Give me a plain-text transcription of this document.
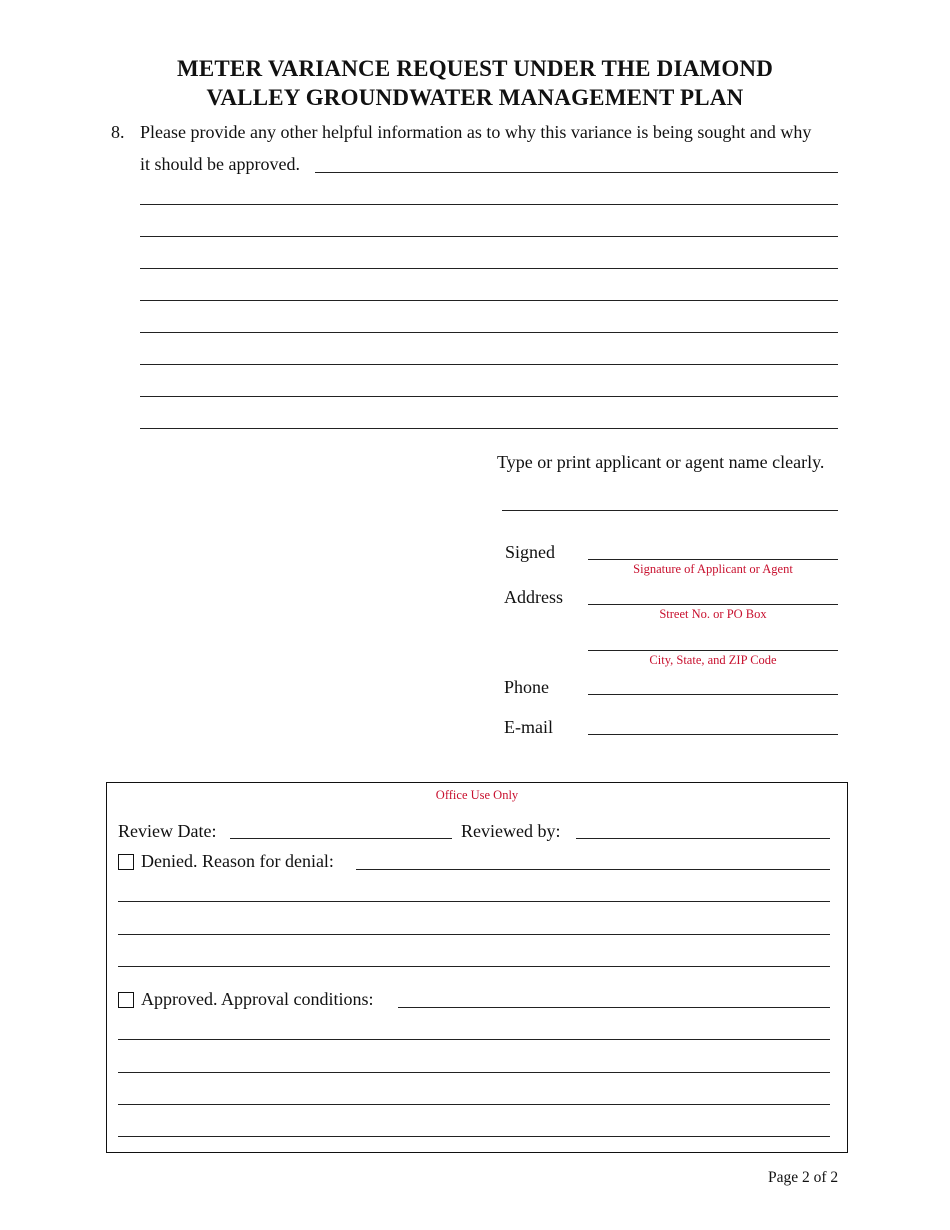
METER VARIANCE REQUEST UNDER THE DIAMOND
VALLEY GROUNDWATER MANAGEMENT PLAN
8. Please provide any other helpful information as to why this variance is being sought and why
it should be approved.
Type or print applicant or agent name clearly.
Signed
Signature of Applicant or Agent
Address
Street No. or PO Box
City, State, and ZIP Code
Phone
E-mail
Office Use Only
Review Date:	Reviewed by:
Denied. Reason for denial:
Approved. Approval conditions:
Page 2 of 2
